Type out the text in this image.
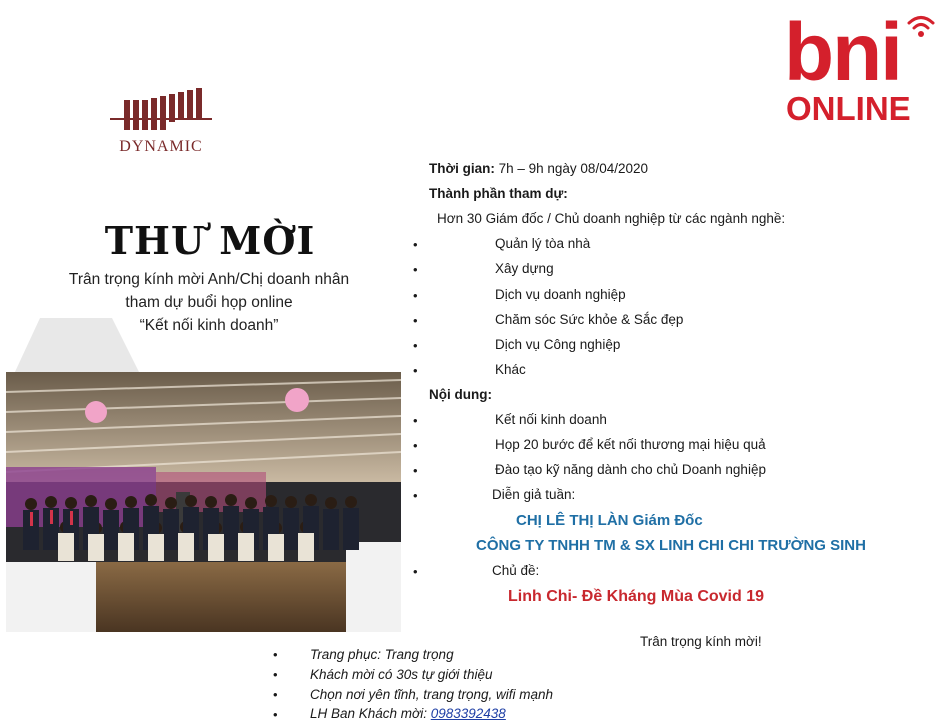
DYNAMIC
bni
ONLINE
THƯ MỜI
Trân trọng kính mời Anh/Chị doanh nhân
tham dự buổi họp online
“Kết nối kinh doanh”
Thời gian: 7h – 9h ngày 08/04/2020
Thành phần tham dự:
Hơn 30 Giám đốc / Chủ doanh nghiệp từ các ngành nghề:
•	Quản lý tòa nhà
•	Xây dựng
•	Dịch vụ doanh nghiệp
•	Chăm sóc Sức khỏe & Sắc đẹp
•	Dịch vụ Công nghiệp
•	Khác
Nội dung:
•	Kết nối kinh doanh
•	Họp 20 bước để kết nối thương mại hiệu quả
•	Đào tạo kỹ năng dành cho chủ Doanh nghiệp
•	Diễn giả tuần:
CHỊ LÊ THỊ LÀN Giám Đốc
CÔNG TY TNHH TM & SX LINH CHI CHI TRƯỜNG SINH
•	Chủ đề:
Linh Chi- Đề Kháng Mùa Covid 19
Trân trọng kính mời!
• Trang phục: Trang trọng
• Khách mời có 30s tự giới thiệu
• Chọn nơi yên tĩnh, trang trọng, wifi mạnh
• LH Ban Khách mời: 0983392438
